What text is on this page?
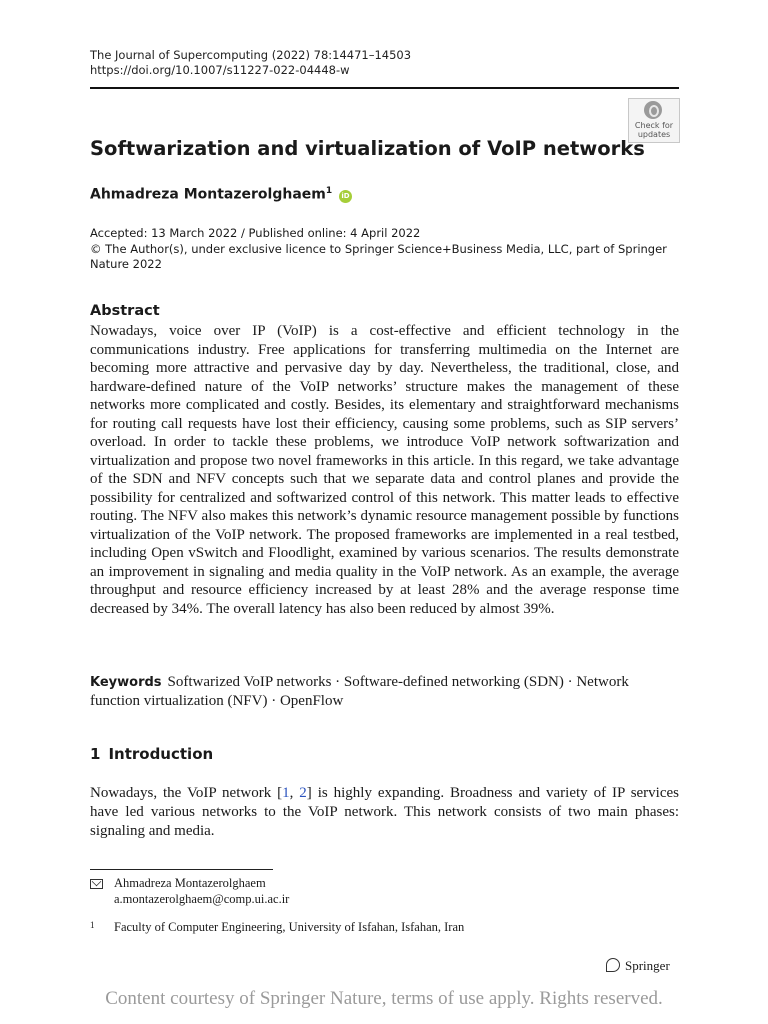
The Journal of Supercomputing (2022) 78:14471–14503
https://doi.org/10.1007/s11227-022-04448-w
Check for
updates
Softwarization and virtualization of VoIP networks
Ahmadreza Montazerolghaem$^1$ iD
Accepted: 13 March 2022 / Published online: 4 April 2022
© The Author(s), under exclusive licence to Springer Science+Business Media, LLC, part of Springer Nature 2022
Abstract
Nowadays, voice over IP (VoIP) is a cost-effective and efficient technology in the communications industry. Free applications for transferring multimedia on the Internet are becoming more attractive and pervasive day by day. Nevertheless, the traditional, close, and hardware-defined nature of the VoIP networks’ structure makes the management of these networks more complicated and costly. Besides, its elementary and straightforward mechanisms for routing call requests have lost their efficiency, causing some problems, such as SIP servers’ overload. In order to tackle these problems, we introduce VoIP network softwarization and virtualization and propose two novel frameworks in this article. In this regard, we take advantage of the SDN and NFV concepts such that we separate data and control planes and provide the possibility for centralized and softwarized control of this network. This matter leads to effective routing. The NFV also makes this network’s dynamic resource management possible by functions virtualization of the VoIP network. The proposed frameworks are implemented in a real testbed, including Open vSwitch and Floodlight, examined by various scenarios. The results demonstrate an improvement in signaling and media quality in the VoIP network. As an example, the average throughput and resource efficiency increased by at least 28% and the average response time decreased by 34%. The overall latency has also been reduced by almost 39%.
Keywords Softwarized VoIP networks · Software-defined networking (SDN) · Network function virtualization (NFV) · OpenFlow
1 Introduction
Nowadays, the VoIP network [1, 2] is highly expanding. Broadness and variety of IP services have led various networks to the VoIP network. This network consists of two main phases: signaling and media.
Ahmadreza Montazerolghaem
a.montazerolghaem@comp.ui.ac.ir
1 Faculty of Computer Engineering, University of Isfahan, Isfahan, Iran
Springer
Content courtesy of Springer Nature, terms of use apply. Rights reserved.
